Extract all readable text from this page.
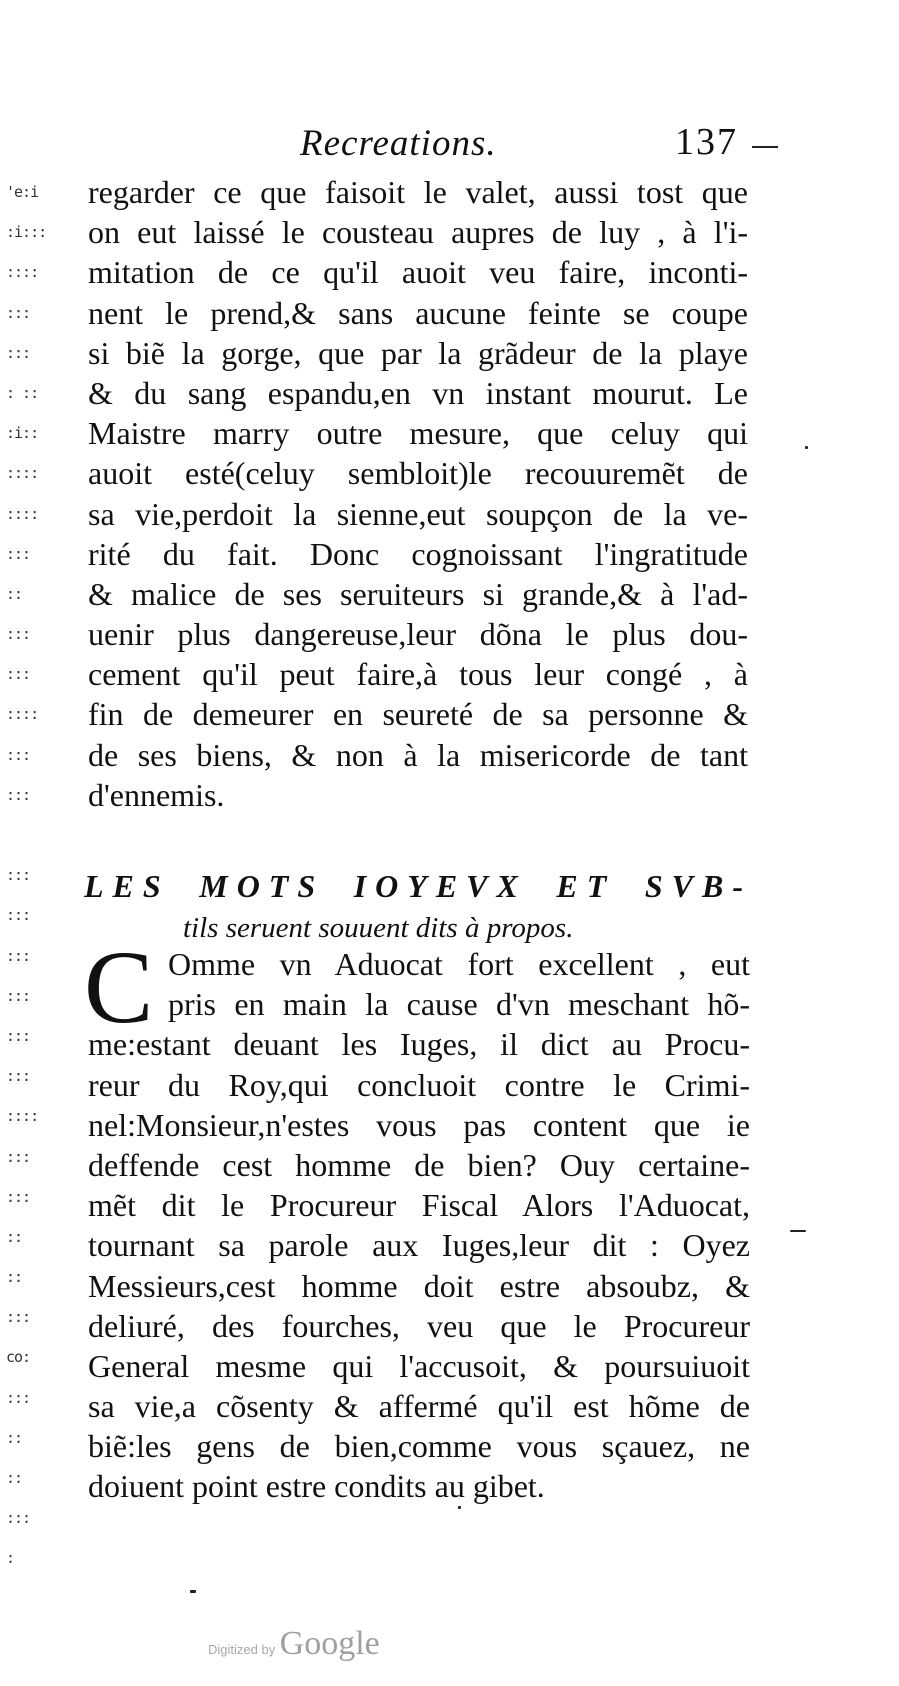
'e:i
:i:::
::::
:::
:::
: ::
:i::
::::
::::
:::
::
:::
:::
::::
:::
:::
:::
:::
:::
:::
:::
:::
::::
:::
:::
::
::
:::
co:
:::
::
::
:::
:
Recreations.	137
regarder ce que faisoit le valet, aussi tost que
on eut laissé le cousteau aupres de luy , à l'i-
mitation de ce qu'il auoit veu faire, inconti-
nent le prend,& sans aucune feinte se coupe
si biẽ la gorge, que par la grãdeur de la playe
& du sang espandu,en vn instant mourut. Le
Maistre marry outre mesure, que celuy qui
auoit esté(celuy sembloit)le recouuremẽt de
sa vie,perdoit la sienne,eut soupçon de la ve-
rité du fait. Donc cognoissant l'ingratitude
& malice de ses seruiteurs si grande,& à l'ad-
uenir plus dangereuse,leur dõna le plus dou-
cement qu'il peut faire,à tous leur congé , à
fin de demeurer en seureté de sa personne &
de ses biens, & non à la misericorde de tant
d'ennemis.
LES MOTS IOYEVX ET SVB-
tils seruent souuent dits à propos.
C Omme vn Aduocat fort excellent , eut
pris en main la cause d'vn meschant hõ-
me:estant deuant les Iuges, il dict au Procu-
reur du Roy,qui concluoit contre le Crimi-
nel:Monsieur,n'estes vous pas content que ie
deffende cest homme de bien? Ouy certaine-
mẽt dit le Procureur Fiscal Alors l'Aduocat,
tournant sa parole aux Iuges,leur dit : Oyez
Messieurs,cest homme doit estre absoubz, &
deliuré, des fourches, veu que le Procureur
General mesme qui l'accusoit, & poursuiuoit
sa vie,a cõsenty & affermé qu'il est hõme de
biẽ:les gens de bien,comme vous sçauez, ne
doiuent point estre condits au gibet.
Digitized by Google
